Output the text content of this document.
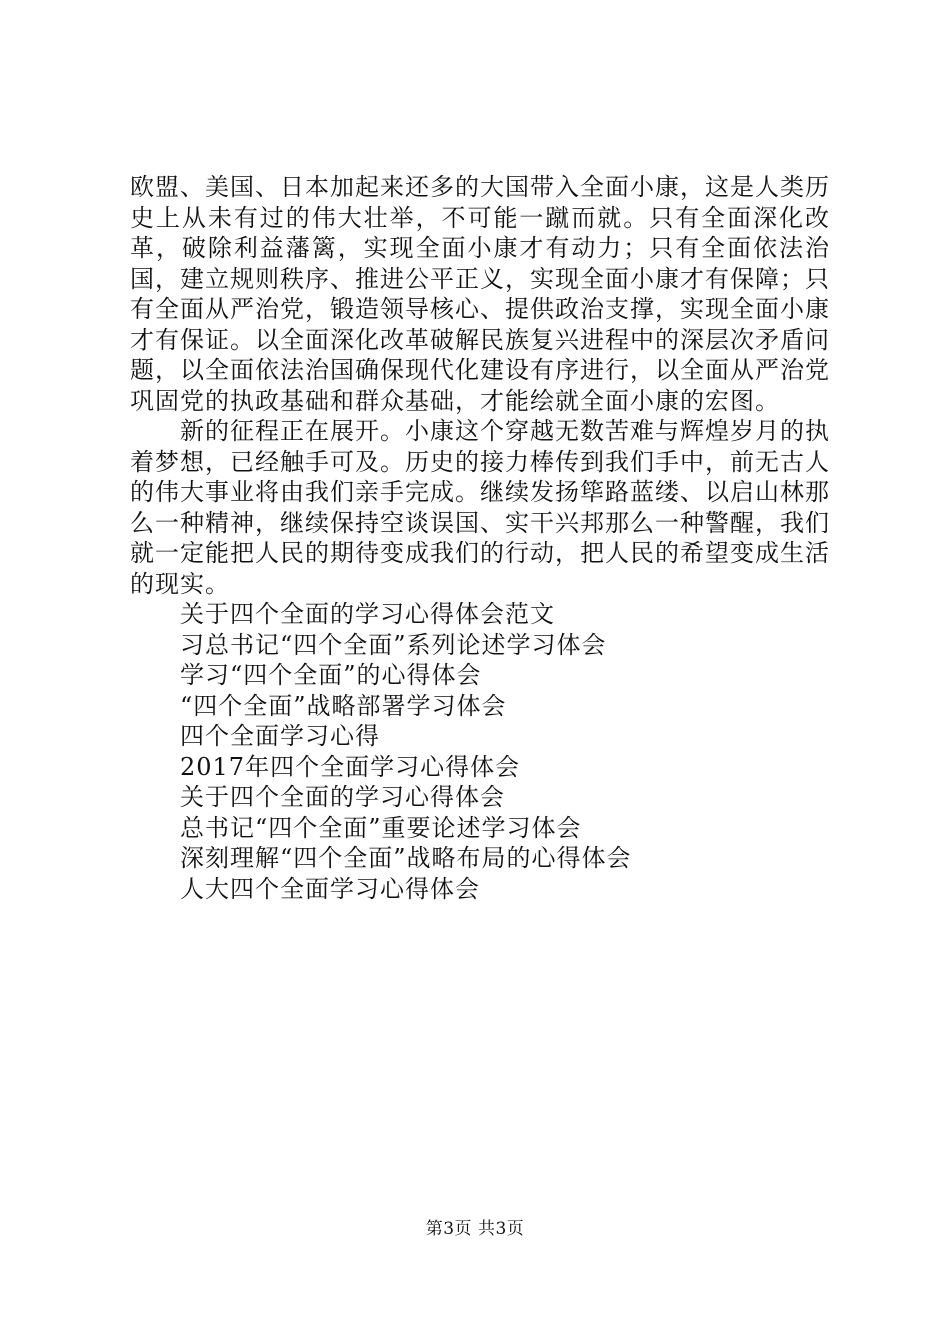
欧盟、美国、日本加起来还多的大国带入全面小康，这是人类历史上从未有过的伟大壮举，不可能一蹴而就。只有全面深化改革，破除利益藩篱，实现全面小康才有动力；只有全面依法治国，建立规则秩序、推进公平正义，实现全面小康才有保障；只有全面从严治党，锻造领导核心、提供政治支撑，实现全面小康才有保证。以全面深化改革破解民族复兴进程中的深层次矛盾问题，以全面依法治国确保现代化建设有序进行，以全面从严治党巩固党的执政基础和群众基础，才能绘就全面小康的宏图。

新的征程正在展开。小康这个穿越无数苦难与辉煌岁月的执着梦想，已经触手可及。历史的接力棒传到我们手中，前无古人的伟大事业将由我们亲手完成。继续发扬筚路蓝缕、以启山林那么一种精神，继续保持空谈误国、实干兴邦那么一种警醒，我们就一定能把人民的期待变成我们的行动，把人民的希望变成生活的现实。

关于四个全面的学习心得体会范文
习总书记“四个全面”系列论述学习体会
学习“四个全面”的心得体会
“四个全面”战略部署学习体会
四个全面学习心得
2017年四个全面学习心得体会
关于四个全面的学习心得体会
总书记“四个全面”重要论述学习体会
深刻理解“四个全面”战略布局的心得体会
人大四个全面学习心得体会
第3页 共3页
